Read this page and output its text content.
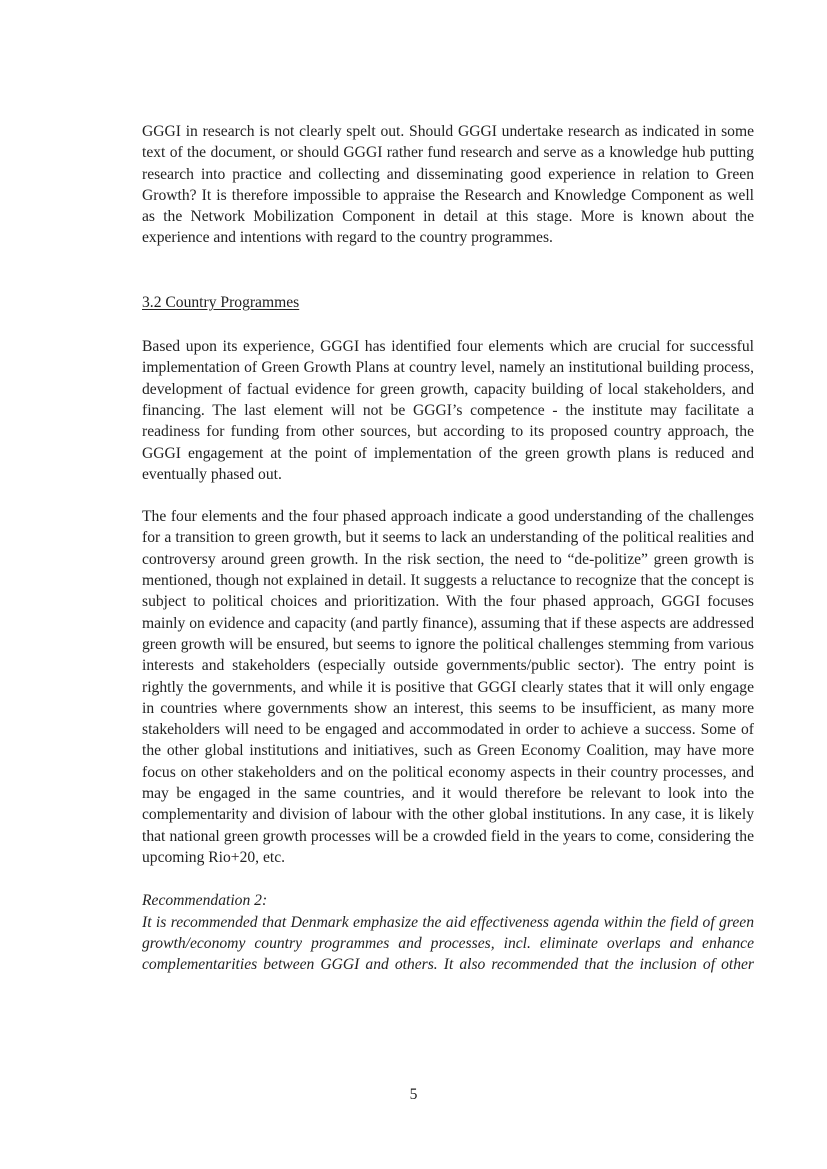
GGGI in research is not clearly spelt out. Should GGGI undertake research as indicated in some text of the document, or should GGGI rather fund research and serve as a knowledge hub putting research into practice and collecting and disseminating good experience in relation to Green Growth? It is therefore impossible to appraise the Research and Knowledge Component as well as the Network Mobilization Component in detail at this stage. More is known about the experience and intentions with regard to the country programmes.

3.2 Country Programmes

Based upon its experience, GGGI has identified four elements which are crucial for successful implementation of Green Growth Plans at country level, namely an institutional building process, development of factual evidence for green growth, capacity building of local stakeholders, and financing. The last element will not be GGGI’s competence - the institute may facilitate a readiness for funding from other sources, but according to its proposed country approach, the GGGI engagement at the point of implementation of the green growth plans is reduced and eventually phased out.

The four elements and the four phased approach indicate a good understanding of the challenges for a transition to green growth, but it seems to lack an understanding of the political realities and controversy around green growth. In the risk section, the need to “de-politize” green growth is mentioned, though not explained in detail. It suggests a reluctance to recognize that the concept is subject to political choices and prioritization. With the four phased approach, GGGI focuses mainly on evidence and capacity (and partly finance), assuming that if these aspects are addressed green growth will be ensured, but seems to ignore the political challenges stemming from various interests and stakeholders (especially outside governments/public sector). The entry point is rightly the governments, and while it is positive that GGGI clearly states that it will only engage in countries where governments show an interest, this seems to be insufficient, as many more stakeholders will need to be engaged and accommodated in order to achieve a success. Some of the other global institutions and initiatives, such as Green Economy Coalition, may have more focus on other stakeholders and on the political economy aspects in their country processes, and may be engaged in the same countries, and it would therefore be relevant to look into the complementarity and division of labour with the other global institutions. In any case, it is likely that national green growth processes will be a crowded field in the years to come, considering the upcoming Rio+20, etc.

Recommendation 2:

It is recommended that Denmark emphasize the aid effectiveness agenda within the field of green growth/economy country programmes and processes, incl. eliminate overlaps and enhance complementarities between GGGI and others. It also recommended that the inclusion of other

5
